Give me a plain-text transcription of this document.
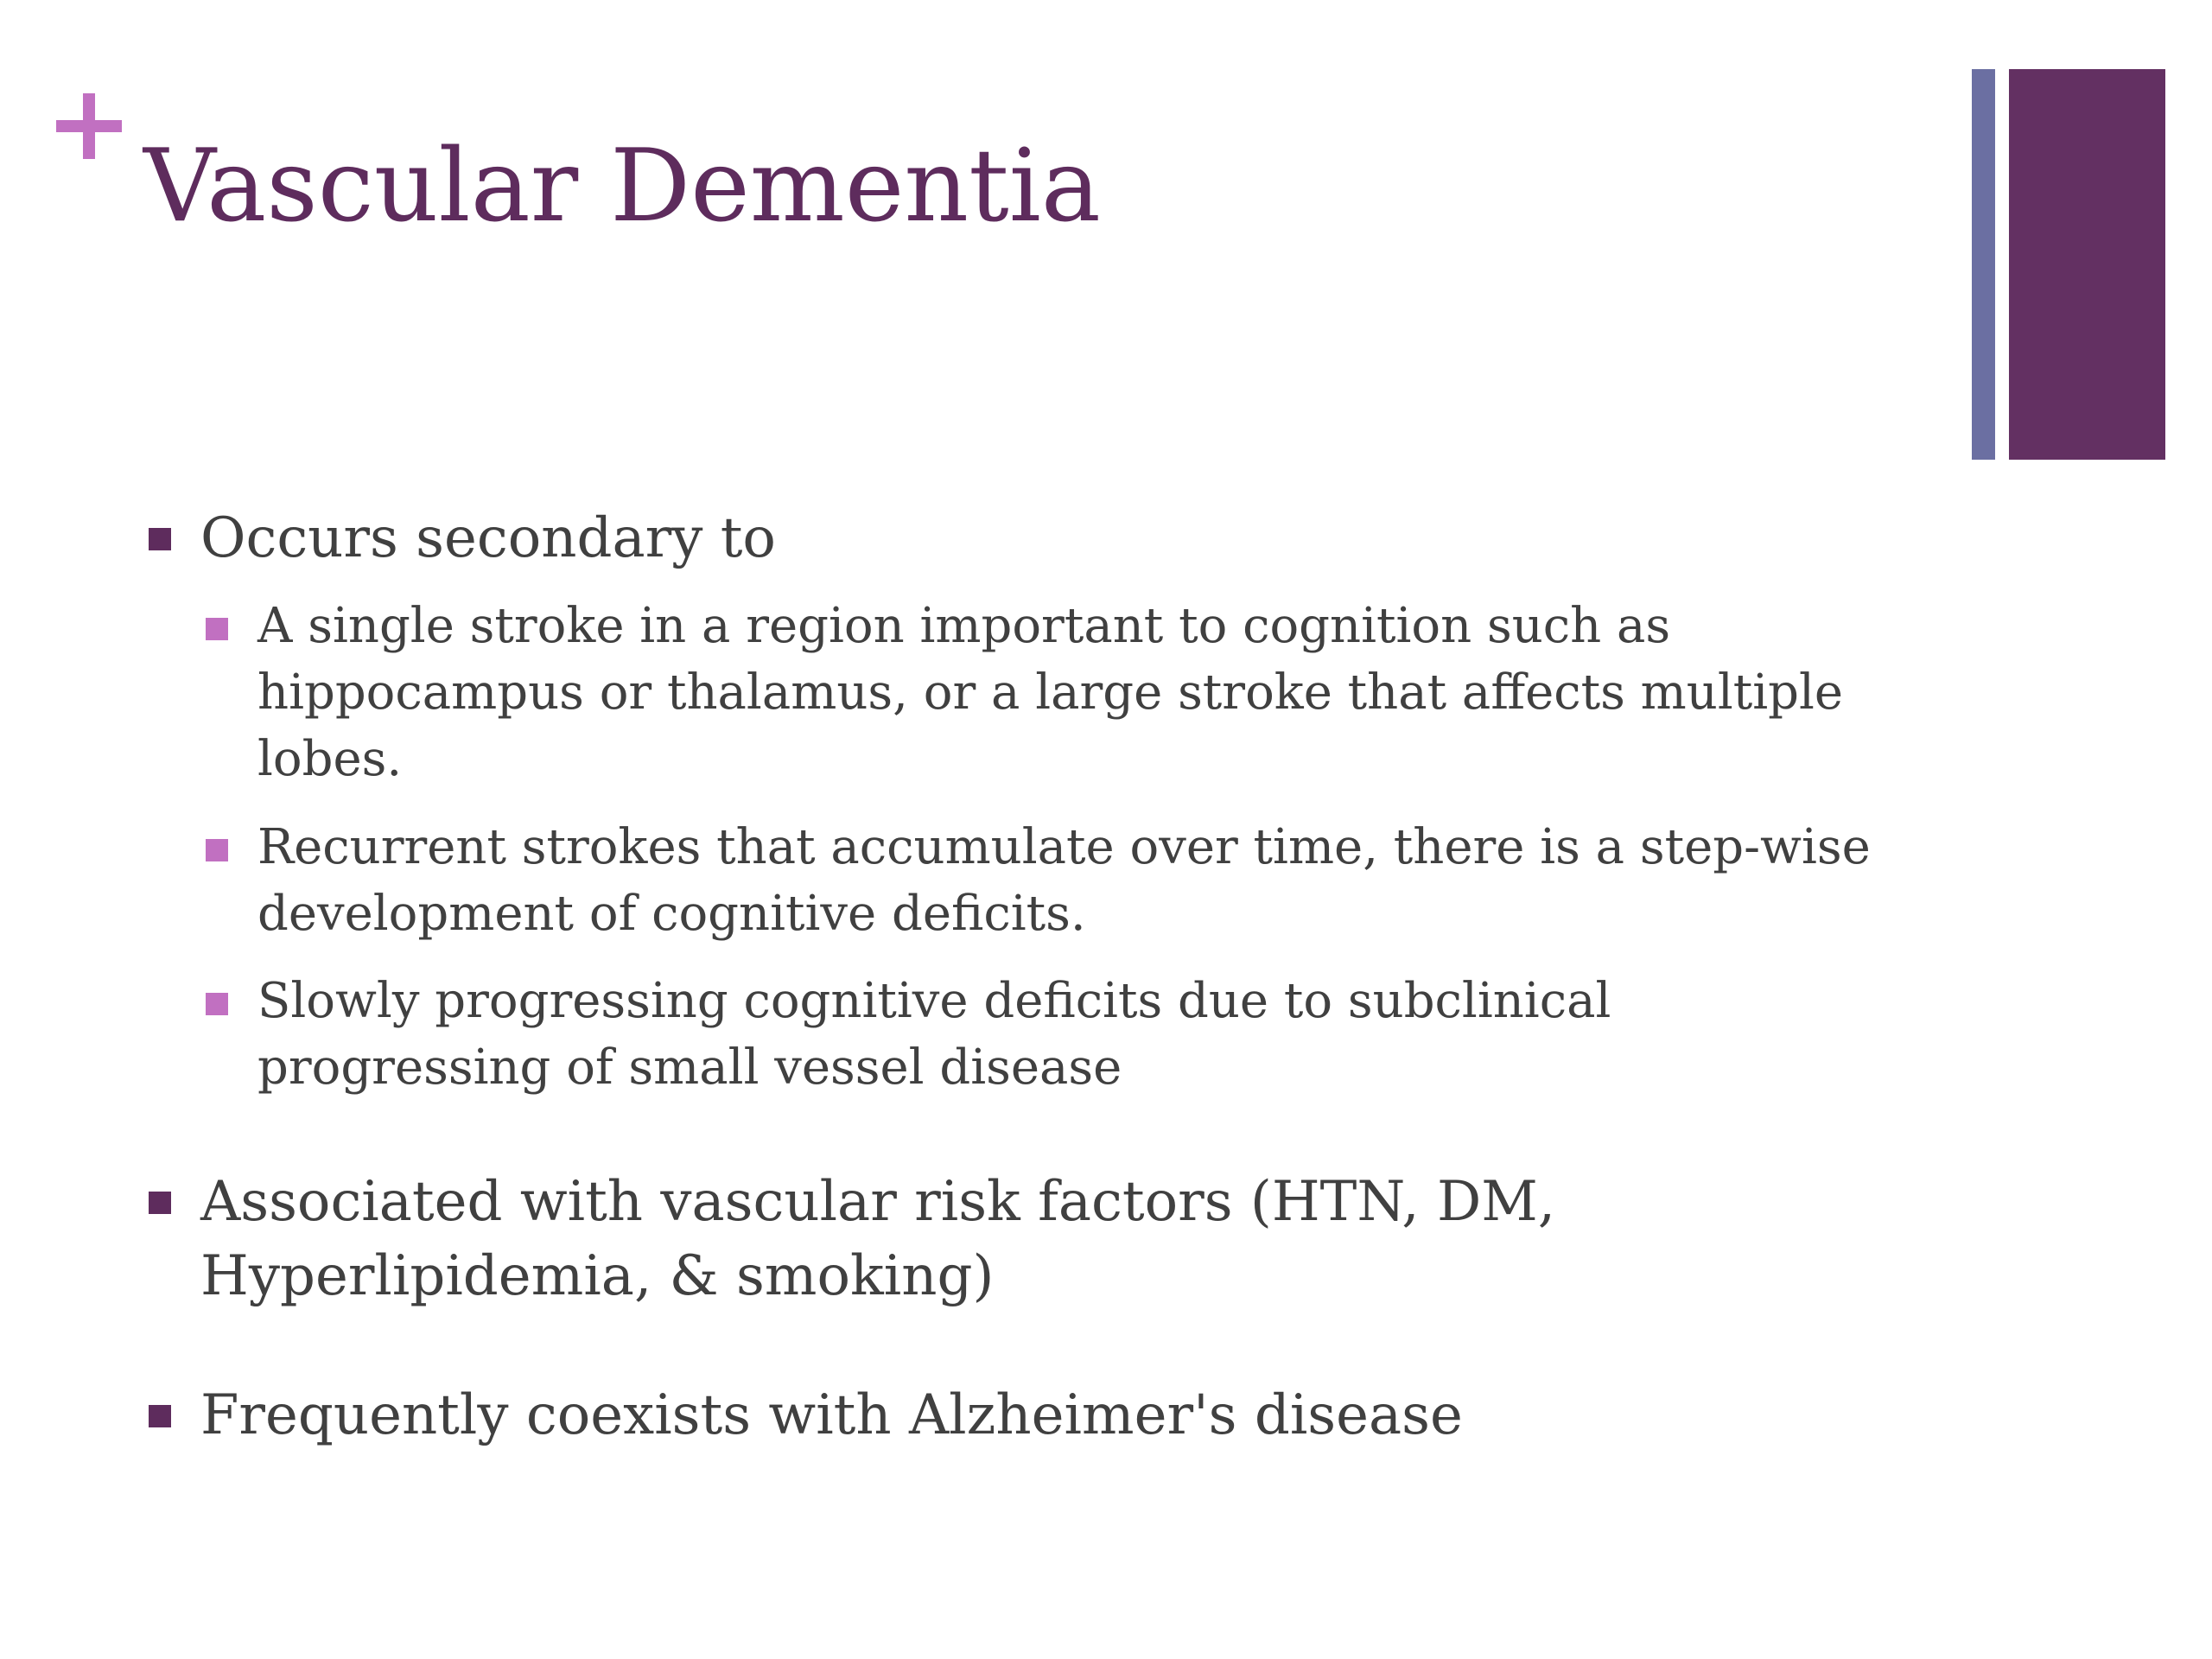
Vascular Dementia
Occurs secondary to
A single stroke in a region important to cognition such as
hippocampus or thalamus, or a large stroke that affects multiple
lobes.
Recurrent strokes that accumulate over time, there is a step-wise
development of cognitive deficits.
Slowly progressing cognitive deficits due to subclinical
progressing of small vessel disease
Associated with vascular risk factors (HTN, DM,
Hyperlipidemia, & smoking)
Frequently coexists with Alzheimer's disease
